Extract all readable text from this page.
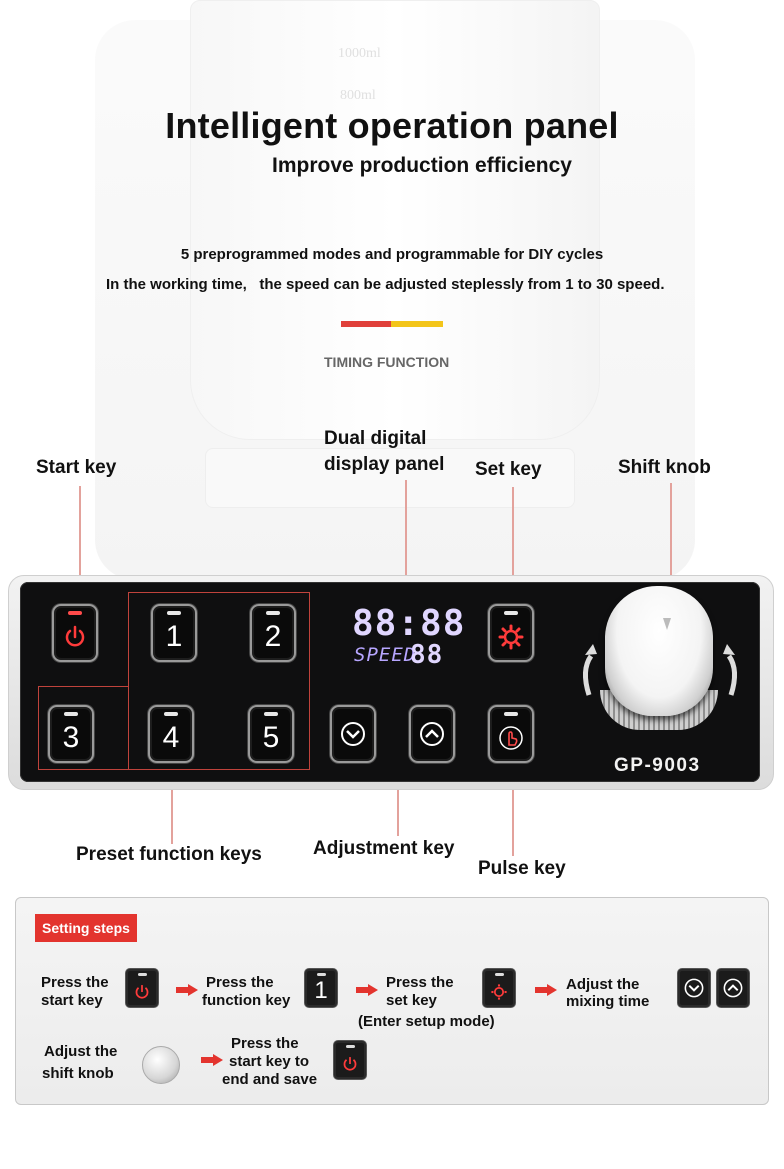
1000ml
800ml
Intelligent operation panel
Improve production efficiency
5 preprogrammed modes and programmable for DIY cycles
In the working time,   the speed can be adjusted steplessly from 1 to 30 speed.
TIMING FUNCTION
Start key
Dual digital
display panel Set key	Shift knob
Preset function keys	Adjustment key
Pulse key
1	2
3	4	5
88:88
SPEED
88
GP-9003
Setting steps
Press the
start key
Press the
function key 1	Press the
set key
(Enter setup mode)
Adjust the
mixing time
Adjust the
shift knob
Press the
start key to
end and save
